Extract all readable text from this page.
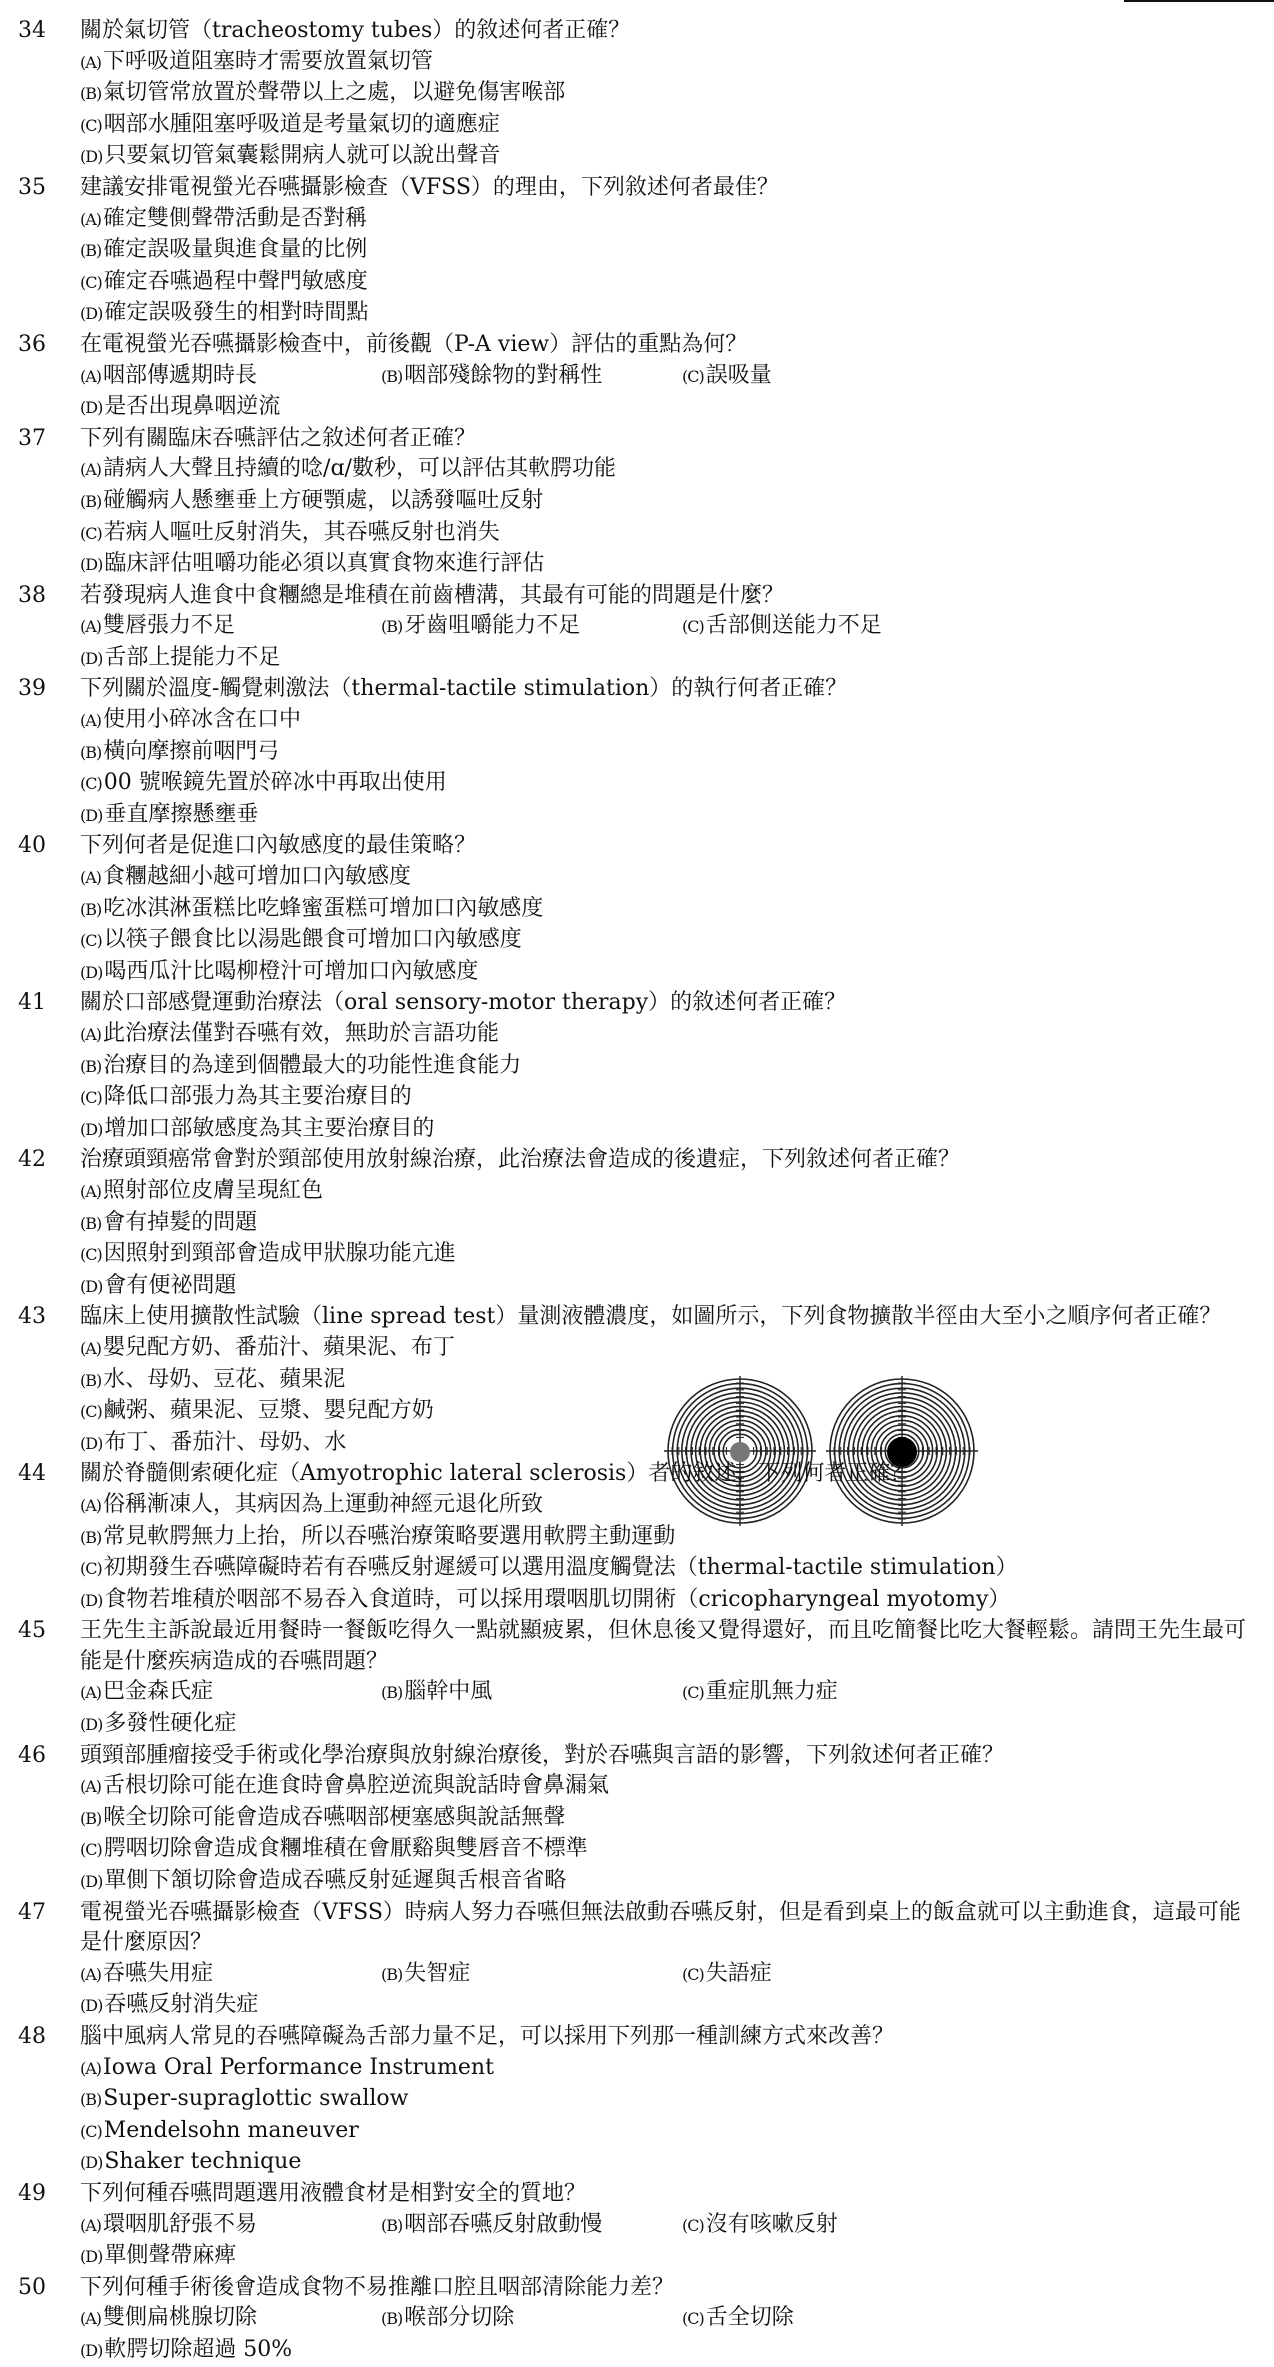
34	關於氣切管（tracheostomy tubes）的敘述何者正確？
(A)下呼吸道阻塞時才需要放置氣切管
(B)氣切管常放置於聲帶以上之處，以避免傷害喉部
(C)咽部水腫阻塞呼吸道是考量氣切的適應症
(D)只要氣切管氣囊鬆開病人就可以說出聲音
35	建議安排電視螢光吞嚥攝影檢查（VFSS）的理由，下列敘述何者最佳？
(A)確定雙側聲帶活動是否對稱
(B)確定誤吸量與進食量的比例
(C)確定吞嚥過程中聲門敏感度
(D)確定誤吸發生的相對時間點
36	在電視螢光吞嚥攝影檢查中，前後觀（P-A view）評估的重點為何？
(A)咽部傳遞期時長	(B)咽部殘餘物的對稱性	(C)誤吸量
(D)是否出現鼻咽逆流
37	下列有關臨床吞嚥評估之敘述何者正確？
(A)請病人大聲且持續的唸/ɑ/數秒，可以評估其軟腭功能
(B)碰觸病人懸壅垂上方硬顎處，以誘發嘔吐反射
(C)若病人嘔吐反射消失，其吞嚥反射也消失
(D)臨床評估咀嚼功能必須以真實食物來進行評估
38	若發現病人進食中食糰總是堆積在前齒槽溝，其最有可能的問題是什麼？
(A)雙唇張力不足	(B)牙齒咀嚼能力不足	(C)舌部側送能力不足
(D)舌部上提能力不足
39	下列關於溫度-觸覺刺激法（thermal-tactile stimulation）的執行何者正確？
(A)使用小碎冰含在口中
(B)橫向摩擦前咽門弓
(C)00 號喉鏡先置於碎冰中再取出使用
(D)垂直摩擦懸壅垂
40	下列何者是促進口內敏感度的最佳策略？
(A)食糰越細小越可增加口內敏感度
(B)吃冰淇淋蛋糕比吃蜂蜜蛋糕可增加口內敏感度
(C)以筷子餵食比以湯匙餵食可增加口內敏感度
(D)喝西瓜汁比喝柳橙汁可增加口內敏感度
41	關於口部感覺運動治療法（oral sensory-motor therapy）的敘述何者正確？
(A)此治療法僅對吞嚥有效，無助於言語功能
(B)治療目的為達到個體最大的功能性進食能力
(C)降低口部張力為其主要治療目的
(D)增加口部敏感度為其主要治療目的
42	治療頭頸癌常會對於頸部使用放射線治療，此治療法會造成的後遺症，下列敘述何者正確？
(A)照射部位皮膚呈現紅色
(B)會有掉髮的問題
(C)因照射到頸部會造成甲狀腺功能亢進
(D)會有便祕問題
43	臨床上使用擴散性試驗（line spread test）量測液體濃度，如圖所示，下列食物擴散半徑由大至小之順序何者正確？
(A)嬰兒配方奶、番茄汁、蘋果泥、布丁
(B)水、母奶、豆花、蘋果泥
(C)鹹粥、蘋果泥、豆漿、嬰兒配方奶
(D)布丁、番茄汁、母奶、水
44	關於脊髓側索硬化症（Amyotrophic lateral sclerosis）者的敘述，下列何者正確？
(A)俗稱漸凍人，其病因為上運動神經元退化所致
(B)常見軟腭無力上抬，所以吞嚥治療策略要選用軟腭主動運動
(C)初期發生吞嚥障礙時若有吞嚥反射遲緩可以選用溫度觸覺法（thermal-tactile stimulation）
(D)食物若堆積於咽部不易吞入食道時，可以採用環咽肌切開術（cricopharyngeal myotomy）
45	王先生主訴說最近用餐時一餐飯吃得久一點就顯疲累，但休息後又覺得還好，而且吃簡餐比吃大餐輕鬆。請問王先生最可能是什麼疾病造成的吞嚥問題？
(A)巴金森氏症	(B)腦幹中風	(C)重症肌無力症
(D)多發性硬化症
46	頭頸部腫瘤接受手術或化學治療與放射線治療後，對於吞嚥與言語的影響，下列敘述何者正確？
(A)舌根切除可能在進食時會鼻腔逆流與說話時會鼻漏氣
(B)喉全切除可能會造成吞嚥咽部梗塞感與說話無聲
(C)腭咽切除會造成食糰堆積在會厭谿與雙唇音不標準
(D)單側下頷切除會造成吞嚥反射延遲與舌根音省略
47	電視螢光吞嚥攝影檢查（VFSS）時病人努力吞嚥但無法啟動吞嚥反射，但是看到桌上的飯盒就可以主動進食，這最可能是什麼原因？
(A)吞嚥失用症	(B)失智症	(C)失語症
(D)吞嚥反射消失症
48	腦中風病人常見的吞嚥障礙為舌部力量不足，可以採用下列那一種訓練方式來改善？
(A)Iowa Oral Performance Instrument
(B)Super-supraglottic swallow
(C)Mendelsohn maneuver
(D)Shaker technique
49	下列何種吞嚥問題選用液體食材是相對安全的質地？
(A)環咽肌舒張不易	(B)咽部吞嚥反射啟動慢	(C)沒有咳嗽反射
(D)單側聲帶麻痺
50	下列何種手術後會造成食物不易推離口腔且咽部清除能力差？
(A)雙側扁桃腺切除	(B)喉部分切除	(C)舌全切除
(D)軟腭切除超過 50%
